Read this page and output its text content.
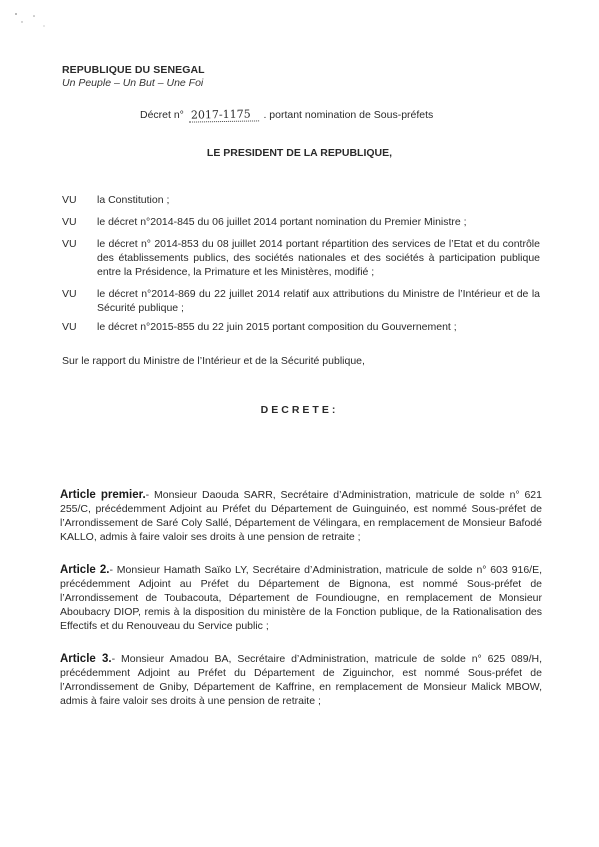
REPUBLIQUE DU SENEGAL
Un Peuple – Un But – Une Foi
Décret n° 2017-1175 . portant nomination de Sous-préfets
LE PRESIDENT DE LA REPUBLIQUE,
VU	la Constitution ;
VU	le décret n°2014-845 du 06 juillet 2014 portant nomination du Premier Ministre ;
VU	le décret n° 2014-853 du 08 juillet 2014 portant répartition des services de l’Etat et du contrôle des établissements publics, des sociétés nationales et des sociétés à participation publique entre la Présidence, la Primature et les Ministères, modifié ;
VU	le décret n°2014-869 du 22 juillet 2014 relatif aux attributions du Ministre de l’Intérieur et de la Sécurité publique ;
VU	le décret n°2015-855 du 22 juin 2015 portant composition du Gouvernement ;
Sur le rapport du Ministre de l’Intérieur et de la Sécurité publique,
DECRETE:
Article premier.- Monsieur Daouda SARR, Secrétaire d’Administration, matricule de solde n° 621 255/C, précédemment Adjoint au Préfet du Département de Guinguinéo, est nommé Sous-préfet de l’Arrondissement de Saré Coly Sallé, Département de Vélingara, en remplacement de Monsieur Bafodé KALLO, admis à faire valoir ses droits à une pension de retraite ;
Article 2.- Monsieur Hamath Saïko LY, Secrétaire d’Administration, matricule de solde n° 603 916/E, précédemment Adjoint au Préfet du Département de Bignona, est nommé Sous-préfet de l’Arrondissement de Toubacouta, Département de Foundiougne, en remplacement de Monsieur Aboubacry DIOP, remis à la disposition du ministère de la Fonction publique, de la Rationalisation des Effectifs et du Renouveau du Service public ;
Article 3.- Monsieur Amadou BA, Secrétaire d’Administration, matricule de solde n° 625 089/H, précédemment Adjoint au Préfet du Département de Ziguinchor, est nommé Sous-préfet de l’Arrondissement de Gniby, Département de Kaffrine, en remplacement de Monsieur Malick MBOW, admis à faire valoir ses droits à une pension de retraite ;
